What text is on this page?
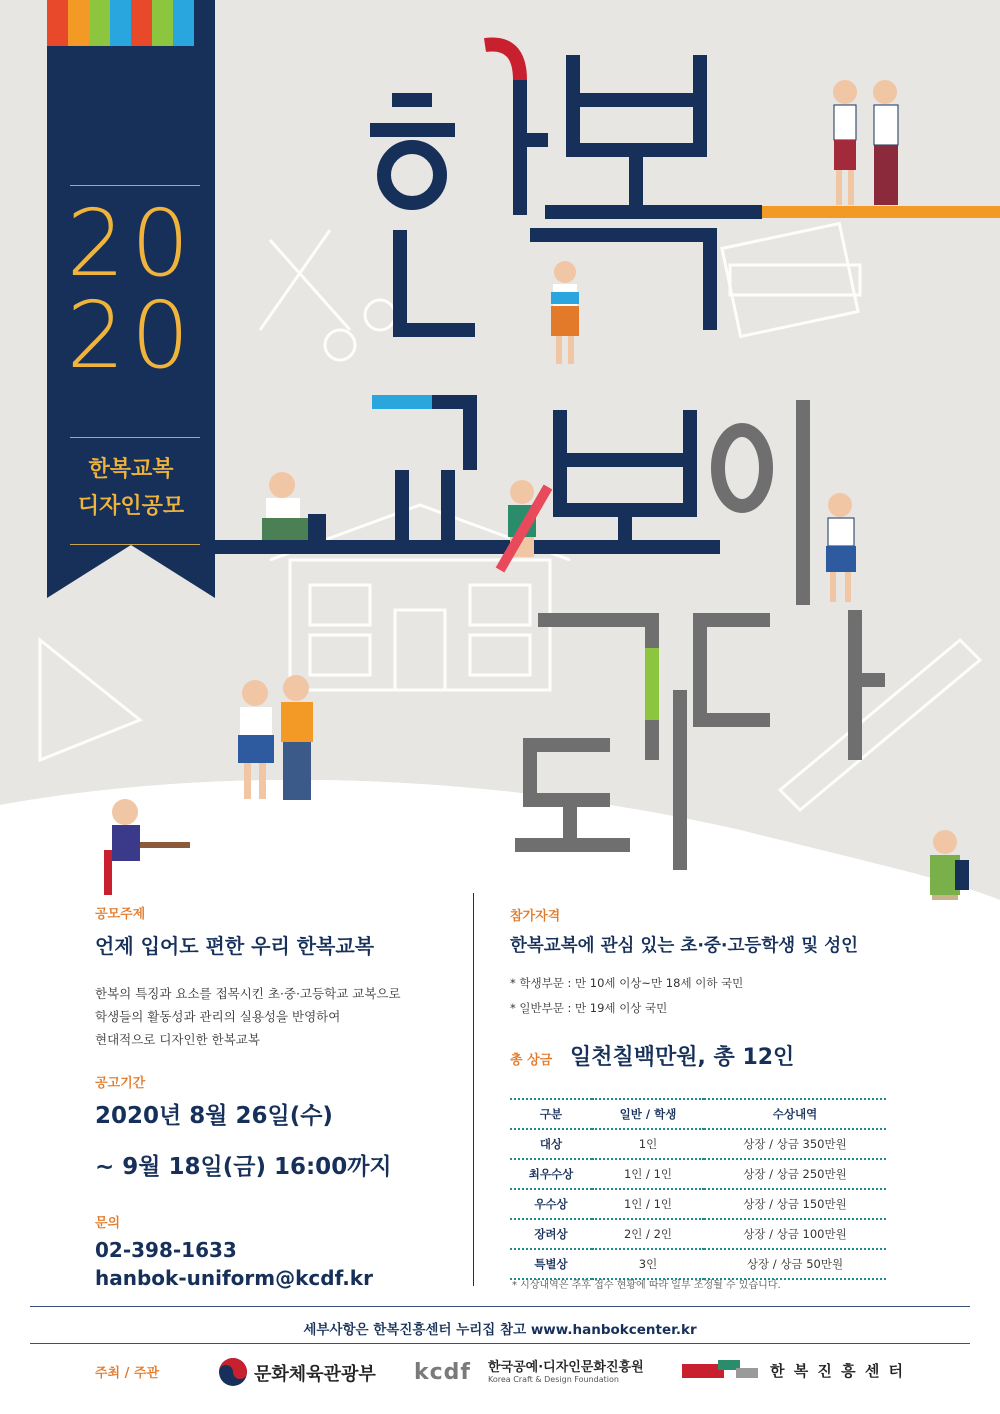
20
20
한복교복
디자인공모
공모주제
언제 입어도 편한 우리 한복교복
한복의 특징과 요소를 접목시킨 초·중·고등학교 교복으로
학생들의 활동성과 관리의 실용성을 반영하여
현대적으로 디자인한 한복교복
공고기간
2020년 8월 26일(수)
~ 9월 18일(금) 16:00까지
문의
02-398-1633
hanbok-uniform@kcdf.kr
참가자격
한복교복에 관심 있는 초·중·고등학생 및 성인
* 학생부문 : 만 10세 이상~만 18세 이하 국민
* 일반부문 : 만 19세 이상 국민
총 상금 일천칠백만원, 총 12인
구분	일반 / 학생	수상내역
대상	1인	상장 / 상금 350만원
최우수상	1인 / 1인	상장 / 상금 250만원
우수상	1인 / 1인	상장 / 상금 150만원
장려상	2인 / 2인	상장 / 상금 100만원
특별상	3인	상장 / 상금 50만원
* 시상내역은 추후 접수 현황에 따라 일부 조정될 수 있습니다.
세부사항은 한복진흥센터 누리집 참고 www.hanbokcenter.kr
주최 / 주관	문화체육관광부 kcdf 한국공예·디자인문화진흥원
Korea Craft & Design Foundation	한 복 진 흥 센 터
